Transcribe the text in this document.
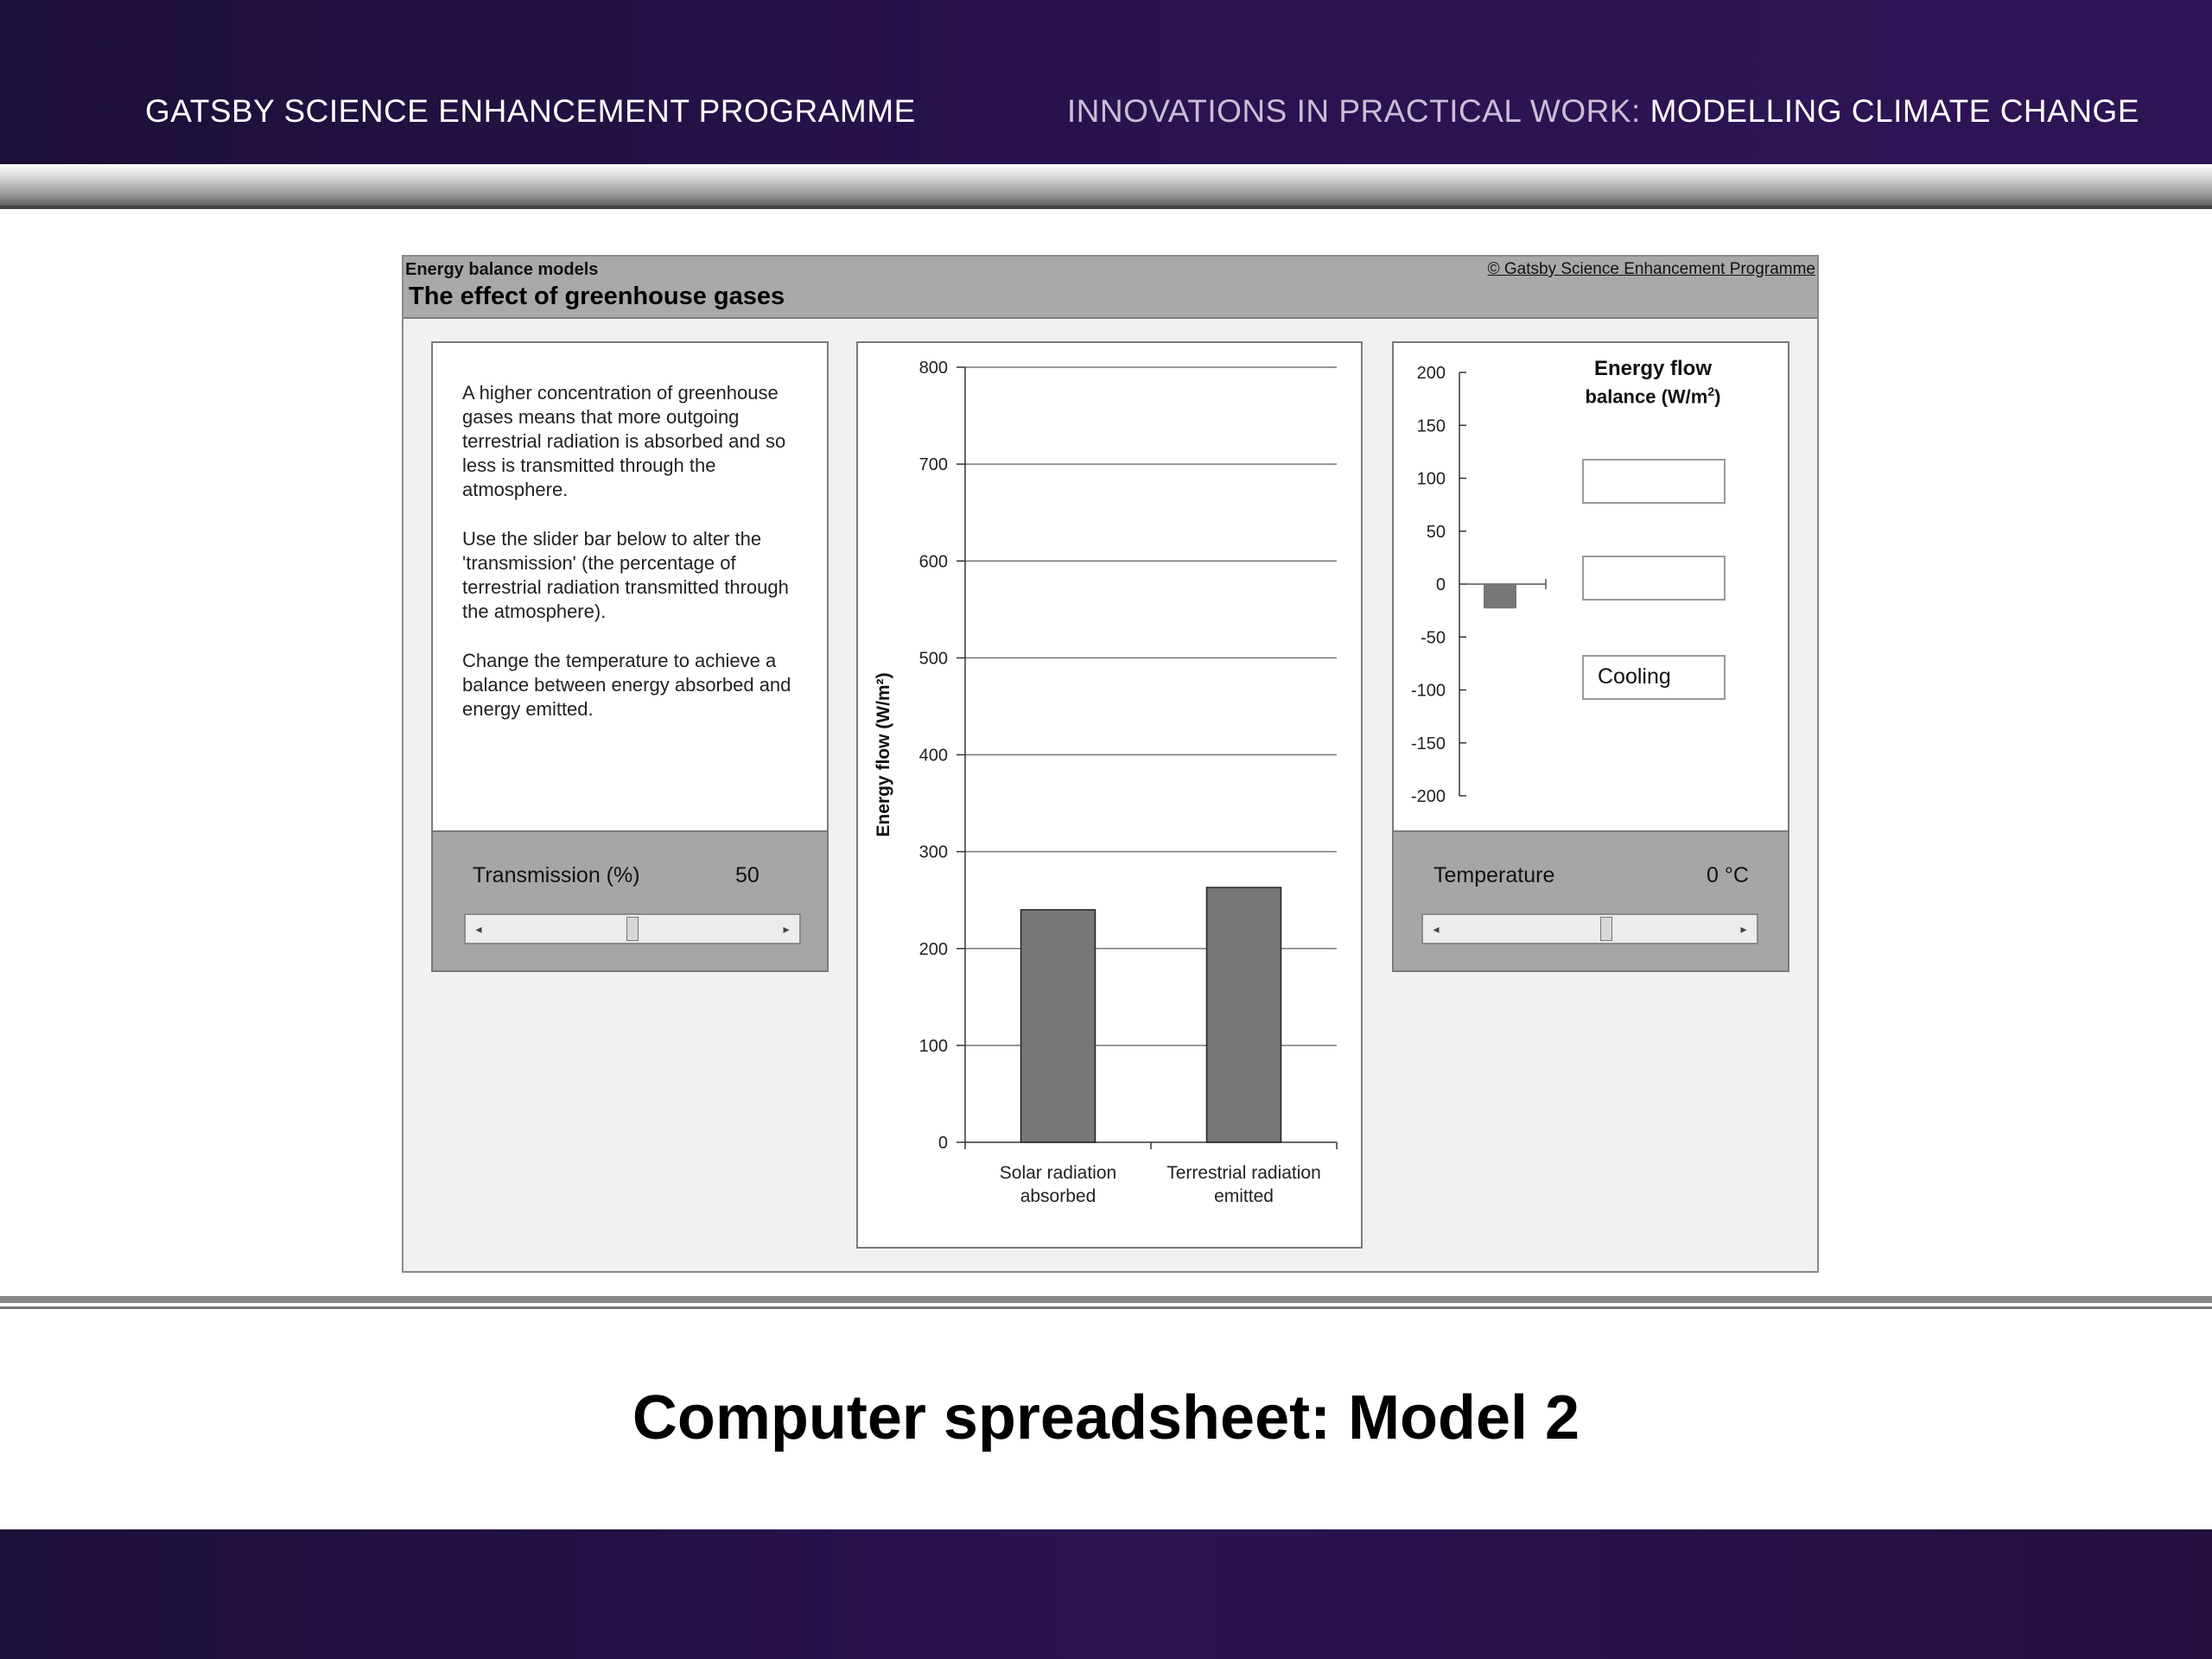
GATSBY SCIENCE ENHANCEMENT PROGRAMME	INNOVATIONS IN PRACTICAL WORK: MODELLING CLIMATE CHANGE
Energy balance models	© Gatsby Science Enhancement Programme
The effect of greenhouse gases

A higher concentration of greenhouse gases means that more outgoing terrestrial radiation is absorbed and so less is transmitted through the atmosphere.

Use the slider bar below to alter the 'transmission' (the percentage of terrestrial radiation transmitted through the atmosphere).

Change the temperature to achieve a balance between energy absorbed and energy emitted.

Transmission (%)	50
◂	▸
0
100
200
300
400
500
600
700
800
Solar radiation
absorbed
Terrestrial radiation
emitted
Energy flow (W/m²)
200
150
100
50
0
-50
-100
-150
-200
Energy flow
balance $(W/m^2)$
Cooling
Temperature	0 °C
◂	▸
Computer spreadsheet: Model 2
